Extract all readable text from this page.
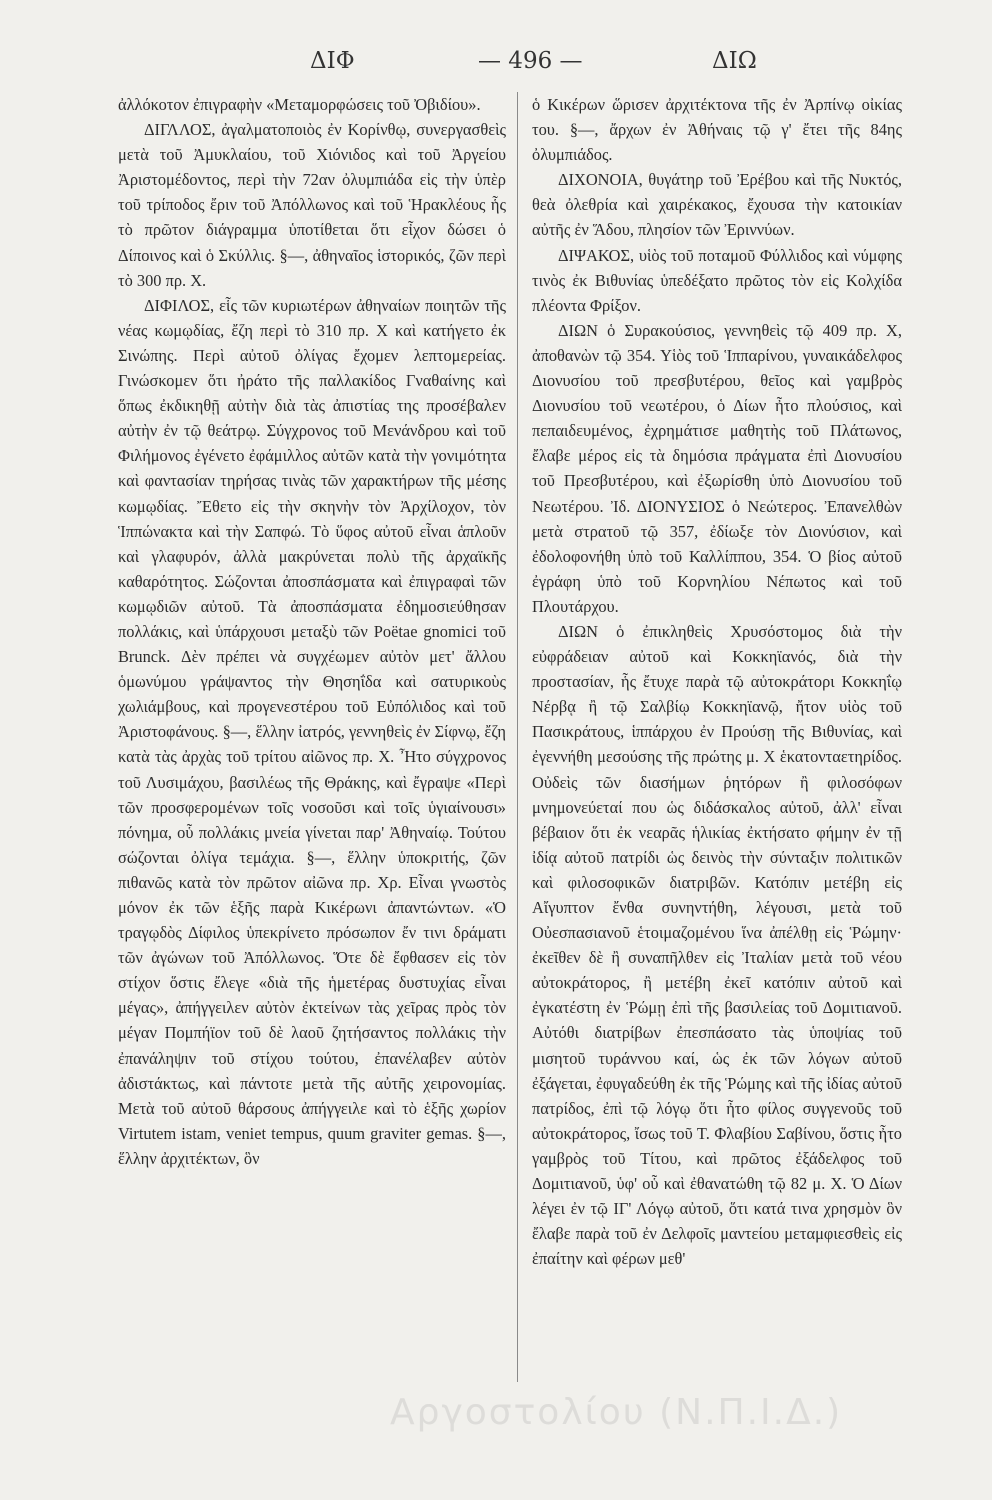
ΔΙΦ	— 496 —	ΔΙΩ

ἀλλόκοτον ἐπιγραφὴν «Μεταμορφώσεις τοῦ Ὀβιδίου».

ΔΙΓΛΛΟΣ, ἀγαλματοποιὸς ἐν Κορίνθῳ, συνεργασθεὶς μετὰ τοῦ Ἀμυκλαίου, τοῦ Χιόνιδος καὶ τοῦ Ἀργείου Ἀριστομέδοντος, περὶ τὴν 72αν ὀλυμπιάδα εἰς τὴν ὑπὲρ τοῦ τρίποδος ἔριν τοῦ Ἀπόλλωνος καὶ τοῦ Ἡρακλέους ἧς τὸ πρῶτον διάγραμμα ὑποτίθεται ὅτι εἶχον δώσει ὁ Δίποινος καὶ ὁ Σκύλλις. §—, ἀθηναῖος ἱστορικός, ζῶν περὶ τὸ 300 πρ. Χ.

ΔΙΦΙΛΟΣ, εἷς τῶν κυριωτέρων ἀθηναίων ποιητῶν τῆς νέας κωμῳδίας, ἔζη περὶ τὸ 310 πρ. Χ καὶ κατήγετο ἐκ Σινώπης. Περὶ αὐτοῦ ὀλίγας ἔχομεν λεπτομερείας. Γινώσκομεν ὅτι ἠράτο τῆς παλλακίδος Γναθαίνης καὶ ὅπως ἐκδικηθῇ αὐτὴν διὰ τὰς ἀπιστίας της προσέβαλεν αὐτὴν ἐν τῷ θεάτρῳ. Σύγχρονος τοῦ Μενάνδρου καὶ τοῦ Φιλήμονος ἐγένετο ἐφάμιλλος αὐτῶν κατὰ τὴν γονιμότητα καὶ φαντασίαν τηρήσας τινὰς τῶν χαρακτήρων τῆς μέσης κωμῳδίας. Ἔθετο εἰς τὴν σκηνὴν τὸν Ἀρχίλοχον, τὸν Ἱππώνακτα καὶ τὴν Σαπφώ. Τὸ ὕφος αὐτοῦ εἶναι ἁπλοῦν καὶ γλαφυρόν, ἀλλὰ μακρύνεται πολὺ τῆς ἀρχαϊκῆς καθαρότητος. Σώζονται ἀποσπάσματα καὶ ἐπιγραφαὶ τῶν κωμῳδιῶν αὐτοῦ. Τὰ ἀποσπάσματα ἐδημοσιεύθησαν πολλάκις, καὶ ὑπάρχουσι μεταξὺ τῶν Poëtae gnomici τοῦ Brunck. Δὲν πρέπει νὰ συγχέωμεν αὐτὸν μετ' ἄλλου ὁμωνύμου γράψαντος τὴν Θησηΐδα καὶ σατυρικοὺς χωλιάμβους, καὶ προγενεστέρου τοῦ Εὐπόλιδος καὶ τοῦ Ἀριστοφάνους. §—, ἕλλην ἰατρός, γεννηθεὶς ἐν Σίφνῳ, ἔζη κατὰ τὰς ἀρχὰς τοῦ τρίτου αἰῶνος πρ. Χ. Ἦτο σύγχρονος τοῦ Λυσιμάχου, βασιλέως τῆς Θράκης, καὶ ἔγραψε «Περὶ τῶν προσφερομένων τοῖς νοσοῦσι καὶ τοῖς ὑγιαίνουσι» πόνημα, οὗ πολλάκις μνεία γίνεται παρ' Ἀθηναίῳ. Τούτου σώζονται ὀλίγα τεμάχια. §—, ἕλλην ὑποκριτής, ζῶν πιθανῶς κατὰ τὸν πρῶτον αἰῶνα πρ. Χρ. Εἶναι γνωστὸς μόνον ἐκ τῶν ἑξῆς παρὰ Κικέρωνι ἀπαντώντων. «Ὁ τραγῳδὸς Δίφιλος ὑπεκρίνετο πρόσωπον ἔν τινι δράματι τῶν ἀγώνων τοῦ Ἀπόλλωνος. Ὅτε δὲ ἔφθασεν εἰς τὸν στίχον ὅστις ἔλεγε «διὰ τῆς ἡμετέρας δυστυχίας εἶναι μέγας», ἀπήγγειλεν αὐτὸν ἐκτείνων τὰς χεῖρας πρὸς τὸν μέγαν Πομπήϊον τοῦ δὲ λαοῦ ζητήσαντος πολλάκις τὴν ἐπανάληψιν τοῦ στίχου τούτου, ἐπανέλαβεν αὐτὸν ἀδιστάκτως, καὶ πάντοτε μετὰ τῆς αὐτῆς χειρονομίας. Μετὰ τοῦ αὐτοῦ θάρσους ἀπήγγειλε καὶ τὸ ἑξῆς χωρίον Virtutem istam, veniet tempus, quum graviter gemas. §—, ἕλλην ἀρχιτέκτων, ὃν

ὁ Κικέρων ὥρισεν ἀρχιτέκτονα τῆς ἐν Ἀρπίνῳ οἰκίας του. §—, ἄρχων ἐν Ἀθήναις τῷ γ' ἔτει τῆς 84ης ὀλυμπιάδος.

ΔΙΧΟΝΟΙΑ, θυγάτηρ τοῦ Ἐρέβου καὶ τῆς Νυκτός, θεὰ ὀλεθρία καὶ χαιρέκακος, ἔχουσα τὴν κατοικίαν αὐτῆς ἐν Ἅδου, πλησίον τῶν Ἐριννύων.

ΔΙΨΑΚΟΣ, υἱὸς τοῦ ποταμοῦ Φύλλιδος καὶ νύμφης τινὸς ἐκ Βιθυνίας ὑπεδέξατο πρῶτος τὸν εἰς Κολχίδα πλέοντα Φρίξον.

ΔΙΩΝ ὁ Συρακούσιος, γεννηθεὶς τῷ 409 πρ. Χ, ἀποθανὼν τῷ 354. Υἱὸς τοῦ Ἱππαρίνου, γυναικάδελφος Διονυσίου τοῦ πρεσβυτέρου, θεῖος καὶ γαμβρὸς Διονυσίου τοῦ νεωτέρου, ὁ Δίων ἦτο πλούσιος, καὶ πεπαιδευμένος, ἐχρημάτισε μαθητὴς τοῦ Πλάτωνος, ἔλαβε μέρος εἰς τὰ δημόσια πράγματα ἐπὶ Διονυσίου τοῦ Πρεσβυτέρου, καὶ ἐξωρίσθη ὑπὸ Διονυσίου τοῦ Νεωτέρου. Ἰδ. ΔΙΟΝΥΣΙΟΣ ὁ Νεώτερος. Ἐπανελθὼν μετὰ στρατοῦ τῷ 357, ἐδίωξε τὸν Διονύσιον, καὶ ἐδολοφονήθη ὑπὸ τοῦ Καλλίππου, 354. Ὁ βίος αὐτοῦ ἐγράφη ὑπὸ τοῦ Κορνηλίου Νέπωτος καὶ τοῦ Πλουτάρχου.

ΔΙΩΝ ὁ ἐπικληθεὶς Χρυσόστομος διὰ τὴν εὐφράδειαν αὐτοῦ καὶ Κοκκηϊανός, διὰ τὴν προστασίαν, ἧς ἔτυχε παρὰ τῷ αὐτοκράτορι Κοκκηΐῳ Νέρβᾳ ἢ τῷ Σαλβίῳ Κοκκηϊανῷ, ἤτον υἱὸς τοῦ Πασικράτους, ἱππάρχου ἐν Προύσῃ τῆς Βιθυνίας, καὶ ἐγεννήθη μεσούσης τῆς πρώτης μ. Χ ἑκατονταετηρίδος. Οὐδεὶς τῶν διασήμων ῥητόρων ἢ φιλοσόφων μνημονεύεταί που ὡς διδάσκαλος αὐτοῦ, ἀλλ' εἶναι βέβαιον ὅτι ἐκ νεαρᾶς ἡλικίας ἐκτήσατο φήμην ἐν τῇ ἰδίᾳ αὐτοῦ πατρίδι ὡς δεινὸς τὴν σύνταξιν πολιτικῶν καὶ φιλοσοφικῶν διατριβῶν. Κατόπιν μετέβη εἰς Αἴγυπτον ἔνθα συνηντήθη, λέγουσι, μετὰ τοῦ Οὐεσπασιανοῦ ἑτοιμαζομένου ἵνα ἀπέλθῃ εἰς Ῥώμην· ἐκεῖθεν δὲ ἢ συναπῆλθεν εἰς Ἰταλίαν μετὰ τοῦ νέου αὐτοκράτορος, ἢ μετέβη ἐκεῖ κατόπιν αὐτοῦ καὶ ἐγκατέστη ἐν Ῥώμῃ ἐπὶ τῆς βασιλείας τοῦ Δομιτιανοῦ. Αὐτόθι διατρίβων ἐπεσπάσατο τὰς ὑποψίας τοῦ μισητοῦ τυράννου καί, ὡς ἐκ τῶν λόγων αὐτοῦ ἐξάγεται, ἐφυγαδεύθη ἐκ τῆς Ῥώμης καὶ τῆς ἰδίας αὐτοῦ πατρίδος, ἐπὶ τῷ λόγῳ ὅτι ἦτο φίλος συγγενοῦς τοῦ αὐτοκράτορος, ἴσως τοῦ Τ. Φλαβίου Σαβίνου, ὅστις ἦτο γαμβρὸς τοῦ Τίτου, καὶ πρῶτος ἐξάδελφος τοῦ Δομιτιανοῦ, ὑφ' οὗ καὶ ἐθανατώθη τῷ 82 μ. Χ. Ὁ Δίων λέγει ἐν τῷ ΙΓ' Λόγῳ αὐτοῦ, ὅτι κατά τινα χρησμὸν ὃν ἔλαβε παρὰ τοῦ ἐν Δελφοῖς μαντείου μεταμφιεσθεὶς εἰς ἐπαίτην καὶ φέρων μεθ'

Αργοστολίου (Ν.Π.Ι.Δ.)
